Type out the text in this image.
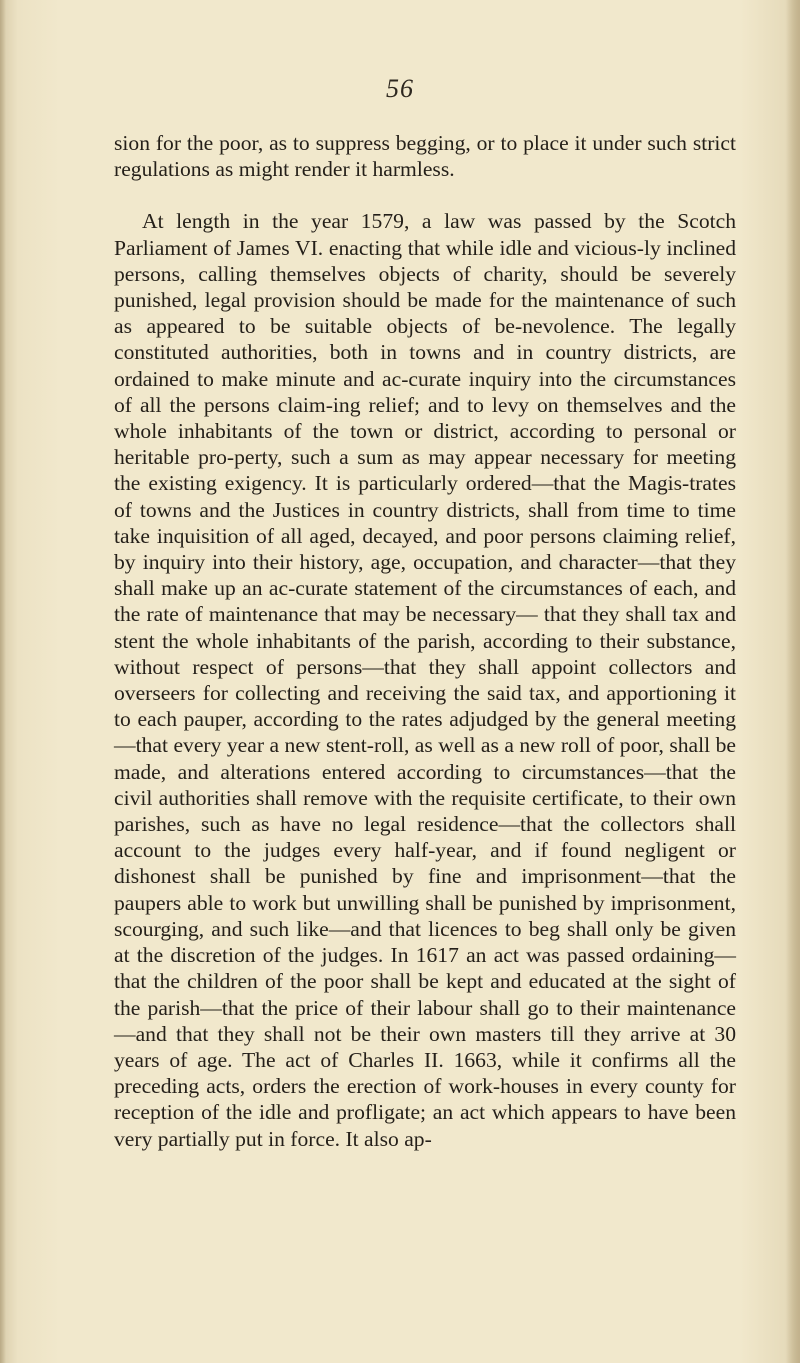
56

sion for the poor, as to suppress begging, or to place it under such strict regulations as might render it harmless.

At length in the year 1579, a law was passed by the Scotch Parliament of James VI. enacting that while idle and vicious-ly inclined persons, calling themselves objects of charity, should be severely punished, legal provision should be made for the maintenance of such as appeared to be suitable objects of be-nevolence. The legally constituted authorities, both in towns and in country districts, are ordained to make minute and ac-curate inquiry into the circumstances of all the persons claim-ing relief; and to levy on themselves and the whole inhabitants of the town or district, according to personal or heritable pro-perty, such a sum as may appear necessary for meeting the existing exigency. It is particularly ordered—that the Magis-trates of towns and the Justices in country districts, shall from time to time take inquisition of all aged, decayed, and poor persons claiming relief, by inquiry into their history, age, occupation, and character—that they shall make up an ac-curate statement of the circumstances of each, and the rate of maintenance that may be necessary— that they shall tax and stent the whole inhabitants of the parish, according to their substance, without respect of persons—that they shall appoint collectors and overseers for collecting and receiving the said tax, and apportioning it to each pauper, according to the rates adjudged by the general meeting—that every year a new stent-roll, as well as a new roll of poor, shall be made, and alterations entered according to circumstances—that the civil authorities shall remove with the requisite certificate, to their own parishes, such as have no legal residence—that the collectors shall account to the judges every half-year, and if found negligent or dishonest shall be punished by fine and imprisonment—that the paupers able to work but unwilling shall be punished by imprisonment, scourging, and such like—and that licences to beg shall only be given at the discretion of the judges. In 1617 an act was passed ordaining—that the children of the poor shall be kept and educated at the sight of the parish—that the price of their labour shall go to their maintenance—and that they shall not be their own masters till they arrive at 30 years of age. The act of Charles II. 1663, while it confirms all the preceding acts, orders the erection of work-houses in every county for reception of the idle and profligate; an act which appears to have been very partially put in force. It also ap-
